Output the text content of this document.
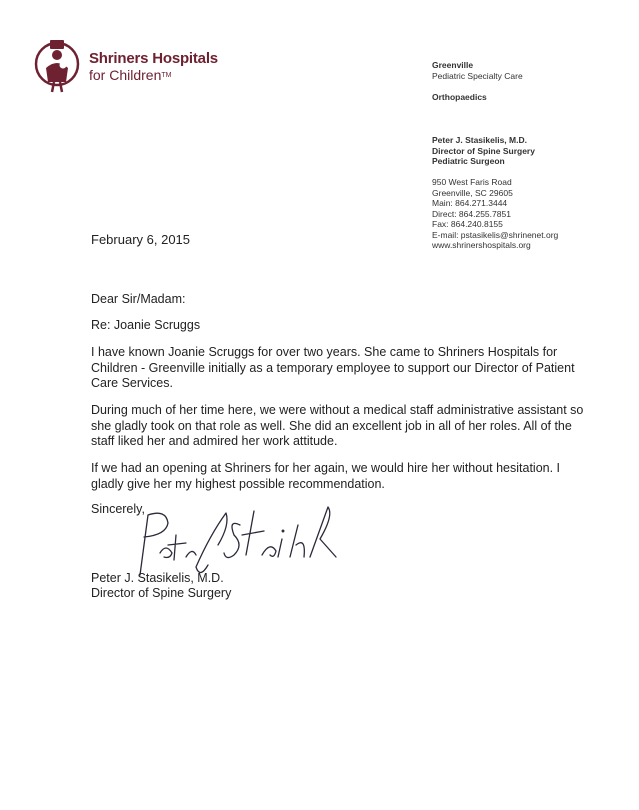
Shriners Hospitals
for Children™
Greenville
Pediatric Specialty Care
Orthopaedics
Peter J. Stasikelis, M.D.
Director of Spine Surgery
Pediatric Surgeon
950 West Faris Road
Greenville, SC 29605
Main: 864.271.3444
Direct: 864.255.7851
Fax: 864.240.8155
E-mail: pstasikelis@shrinenet.org
www.shrinershospitals.org
February 6, 2015

Dear Sir/Madam:

Re: Joanie Scruggs

I have known Joanie Scruggs for over two years. She came to Shriners Hospitals for Children - Greenville initially as a temporary employee to support our Director of Patient Care Services.

During much of her time here, we were without a medical staff administrative assistant so she gladly took on that role as well. She did an excellent job in all of her roles. All of the staff liked her and admired her work attitude.

If we had an opening at Shriners for her again, we would hire her without hesitation. I gladly give her my highest possible recommendation.

Sincerely,

Peter J. Stasikelis, M.D.

Director of Spine Surgery
